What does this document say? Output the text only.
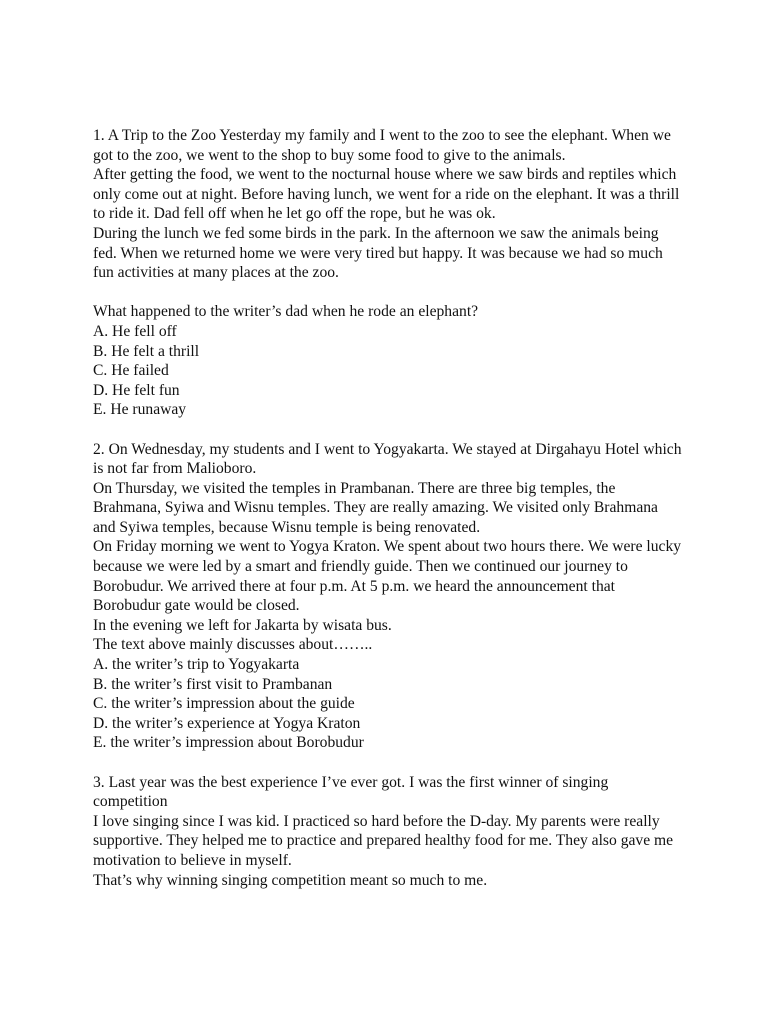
1. A Trip to the Zoo Yesterday my family and I went to the zoo to see the elephant. When we got to the zoo, we went to the shop to buy some food to give to the animals.
After getting the food, we went to the nocturnal house where we saw birds and reptiles which only come out at night. Before having lunch, we went for a ride on the elephant. It was a thrill to ride it. Dad fell off when he let go off the rope, but he was ok.
During the lunch we fed some birds in the park. In the afternoon we saw the animals being fed. When we returned home we were very tired but happy. It was because we had so much fun activities at many places at the zoo.
What happened to the writer’s dad when he rode an elephant?
A. He fell off
B. He felt a thrill
C. He failed
D. He felt fun
E. He runaway
2. On Wednesday, my students and I went to Yogyakarta. We stayed at Dirgahayu Hotel which is not far from Malioboro.
On Thursday, we visited the temples in Prambanan. There are three big temples, the Brahmana, Syiwa and Wisnu temples. They are really amazing. We visited only Brahmana and Syiwa temples, because Wisnu temple is being renovated.
On Friday morning we went to Yogya Kraton. We spent about two hours there. We were lucky because we were led by a smart and friendly guide. Then we continued our journey to Borobudur. We arrived there at four p.m. At 5 p.m. we heard the announcement that Borobudur gate would be closed.
In the evening we left for Jakarta by wisata bus.
The text above mainly discusses about……..
A. the writer’s trip to Yogyakarta
B. the writer’s first visit to Prambanan
C. the writer’s impression about the guide
D. the writer’s experience at Yogya Kraton
E. the writer’s impression about Borobudur
3. Last year was the best experience I’ve ever got. I was the first winner of singing competition
I love singing since I was kid. I practiced so hard before the D-day. My parents were really supportive. They helped me to practice and prepared healthy food for me. They also gave me motivation to believe in myself.
That’s why winning singing competition meant so much to me.
